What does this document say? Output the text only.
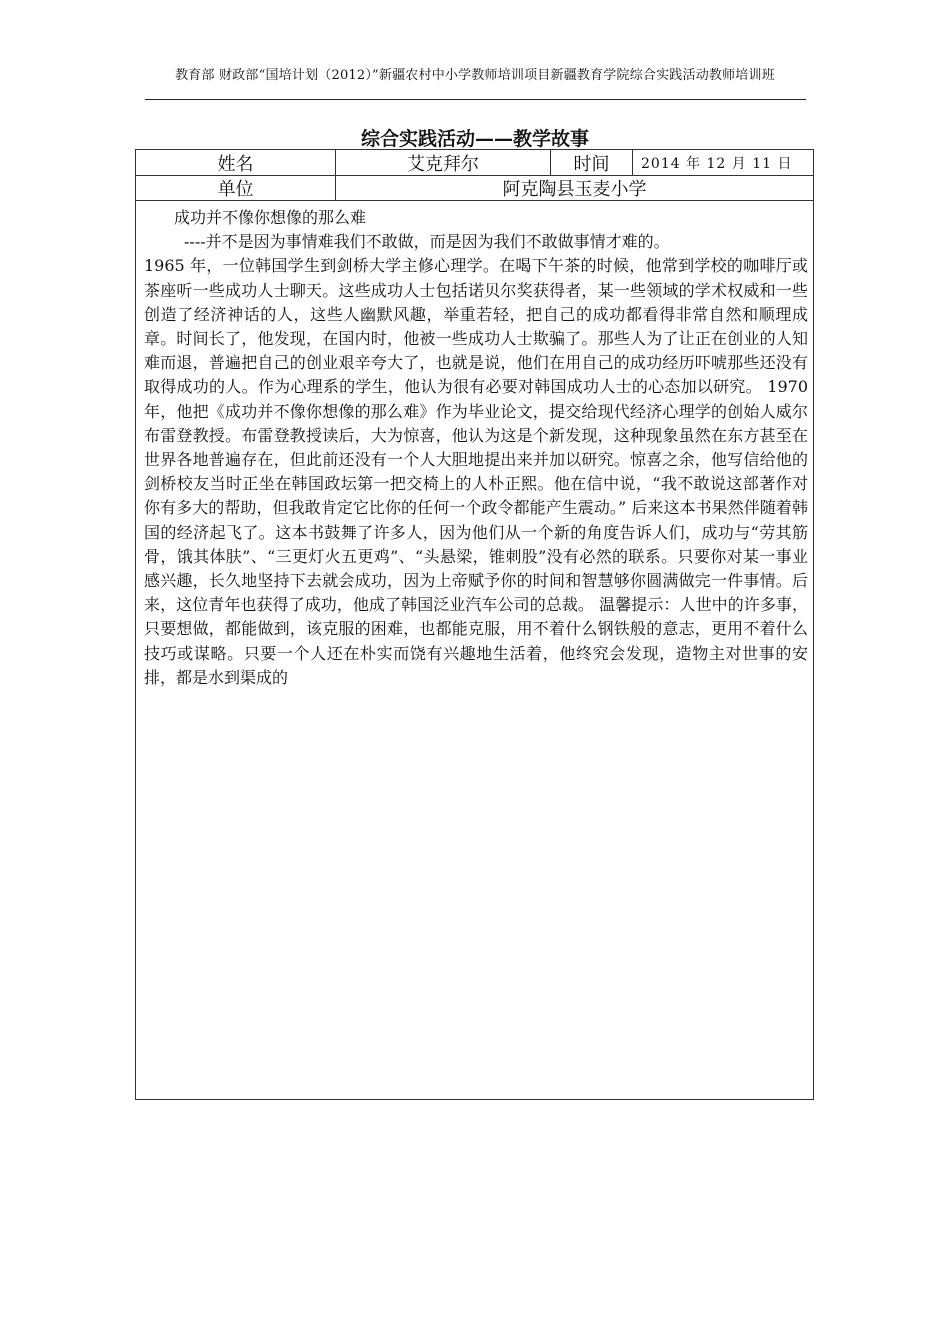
教育部 财政部“国培计划（2012）”新疆农村中小学教师培训项目新疆教育学院综合实践活动教师培训班
综合实践活动——教学故事
姓名	艾克拜尔	时间	2014 年 12 月 11 日
单位	阿克陶县玉麦小学

成功并不像你想像的那么难

----并不是因为事情难我们不敢做，而是因为我们不敢做事情才难的。

1965 年，一位韩国学生到剑桥大学主修心理学。在喝下午茶的时候，他常到学校的咖啡厅或茶座听一些成功人士聊天。这些成功人士包括诺贝尔奖获得者，某一些领域的学术权威和一些创造了经济神话的人，这些人幽默风趣，举重若轻，把自己的成功都看得非常自然和顺理成章。时间长了，他发现，在国内时，他被一些成功人士欺骗了。那些人为了让正在创业的人知难而退，普遍把自己的创业艰辛夸大了，也就是说，他们在用自己的成功经历吓唬那些还没有取得成功的人。作为心理系的学生，他认为很有必要对韩国成功人士的心态加以研究。 1970 年，他把《成功并不像你想像的那么难》作为毕业论文，提交给现代经济心理学的创始人威尔布雷登教授。布雷登教授读后，大为惊喜，他认为这是个新发现，这种现象虽然在东方甚至在世界各地普遍存在，但此前还没有一个人大胆地提出来并加以研究。惊喜之余，他写信给他的剑桥校友当时正坐在韩国政坛第一把交椅上的人朴正熙。他在信中说，“我不敢说这部著作对你有多大的帮助，但我敢肯定它比你的任何一个政令都能产生震动。” 后来这本书果然伴随着韩国的经济起飞了。这本书鼓舞了许多人，因为他们从一个新的角度告诉人们，成功与“劳其筋骨，饿其体肤”、“三更灯火五更鸡”、“头悬梁，锥刺股”没有必然的联系。只要你对某一事业感兴趣，长久地坚持下去就会成功，因为上帝赋予你的时间和智慧够你圆满做完一件事情。后来，这位青年也获得了成功，他成了韩国泛业汽车公司的总裁。 温馨提示：人世中的许多事，只要想做，都能做到，该克服的困难，也都能克服，用不着什么钢铁般的意志，更用不着什么技巧或谋略。只要一个人还在朴实而饶有兴趣地生活着，他终究会发现，造物主对世事的安排，都是水到渠成的
